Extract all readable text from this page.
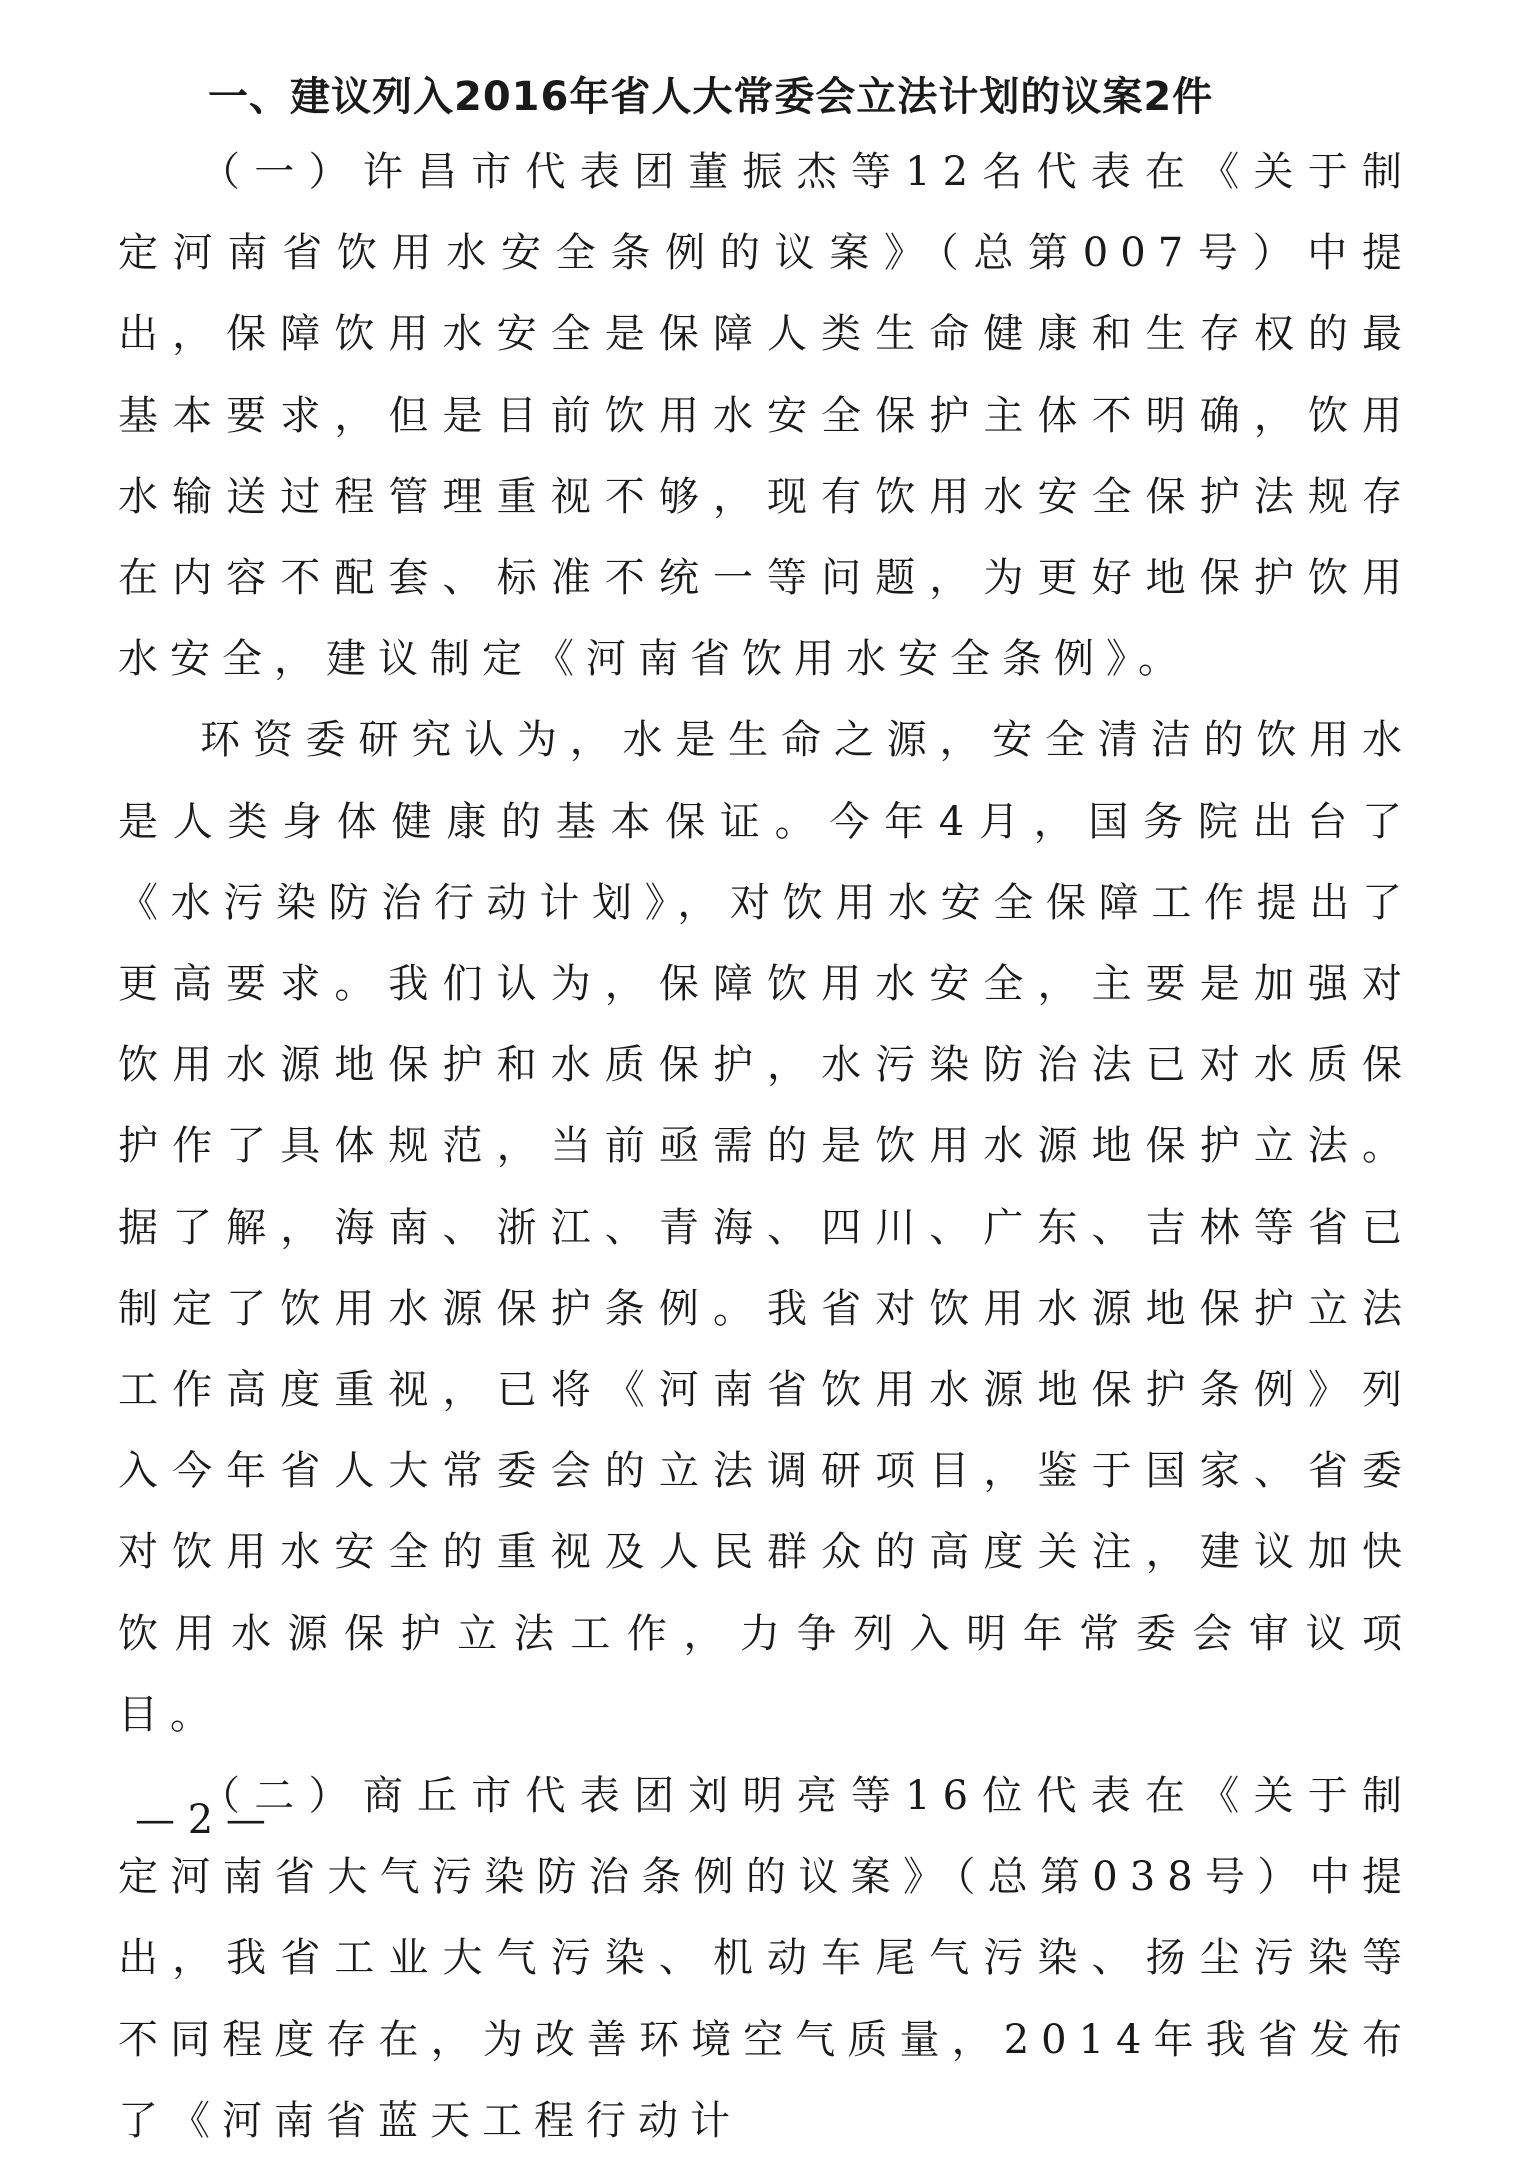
一、建议列入2016年省人大常委会立法计划的议案2件

（一）许昌市代表团董振杰等12名代表在《关于制定河南省饮用水安全条例的议案》（总第007号）中提出，保障饮用水安全是保障人类生命健康和生存权的最基本要求，但是目前饮用水安全保护主体不明确，饮用水输送过程管理重视不够，现有饮用水安全保护法规存在内容不配套、标准不统一等问题，为更好地保护饮用水安全，建议制定《河南省饮用水安全条例》。

环资委研究认为，水是生命之源，安全清洁的饮用水是人类身体健康的基本保证。今年4月，国务院出台了《水污染防治行动计划》，对饮用水安全保障工作提出了更高要求。我们认为，保障饮用水安全，主要是加强对饮用水源地保护和水质保护，水污染防治法已对水质保护作了具体规范，当前亟需的是饮用水源地保护立法。据了解，海南、浙江、青海、四川、广东、吉林等省已制定了饮用水源保护条例。我省对饮用水源地保护立法工作高度重视，已将《河南省饮用水源地保护条例》列入今年省人大常委会的立法调研项目，鉴于国家、省委对饮用水安全的重视及人民群众的高度关注，建议加快饮用水源保护立法工作，力争列入明年常委会审议项目。

（二）商丘市代表团刘明亮等16位代表在《关于制定河南省大气污染防治条例的议案》（总第038号）中提出，我省工业大气污染、机动车尾气污染、扬尘污染等不同程度存在，为改善环境空气质量，2014年我省发布了《河南省蓝天工程行动计

— 2 —
